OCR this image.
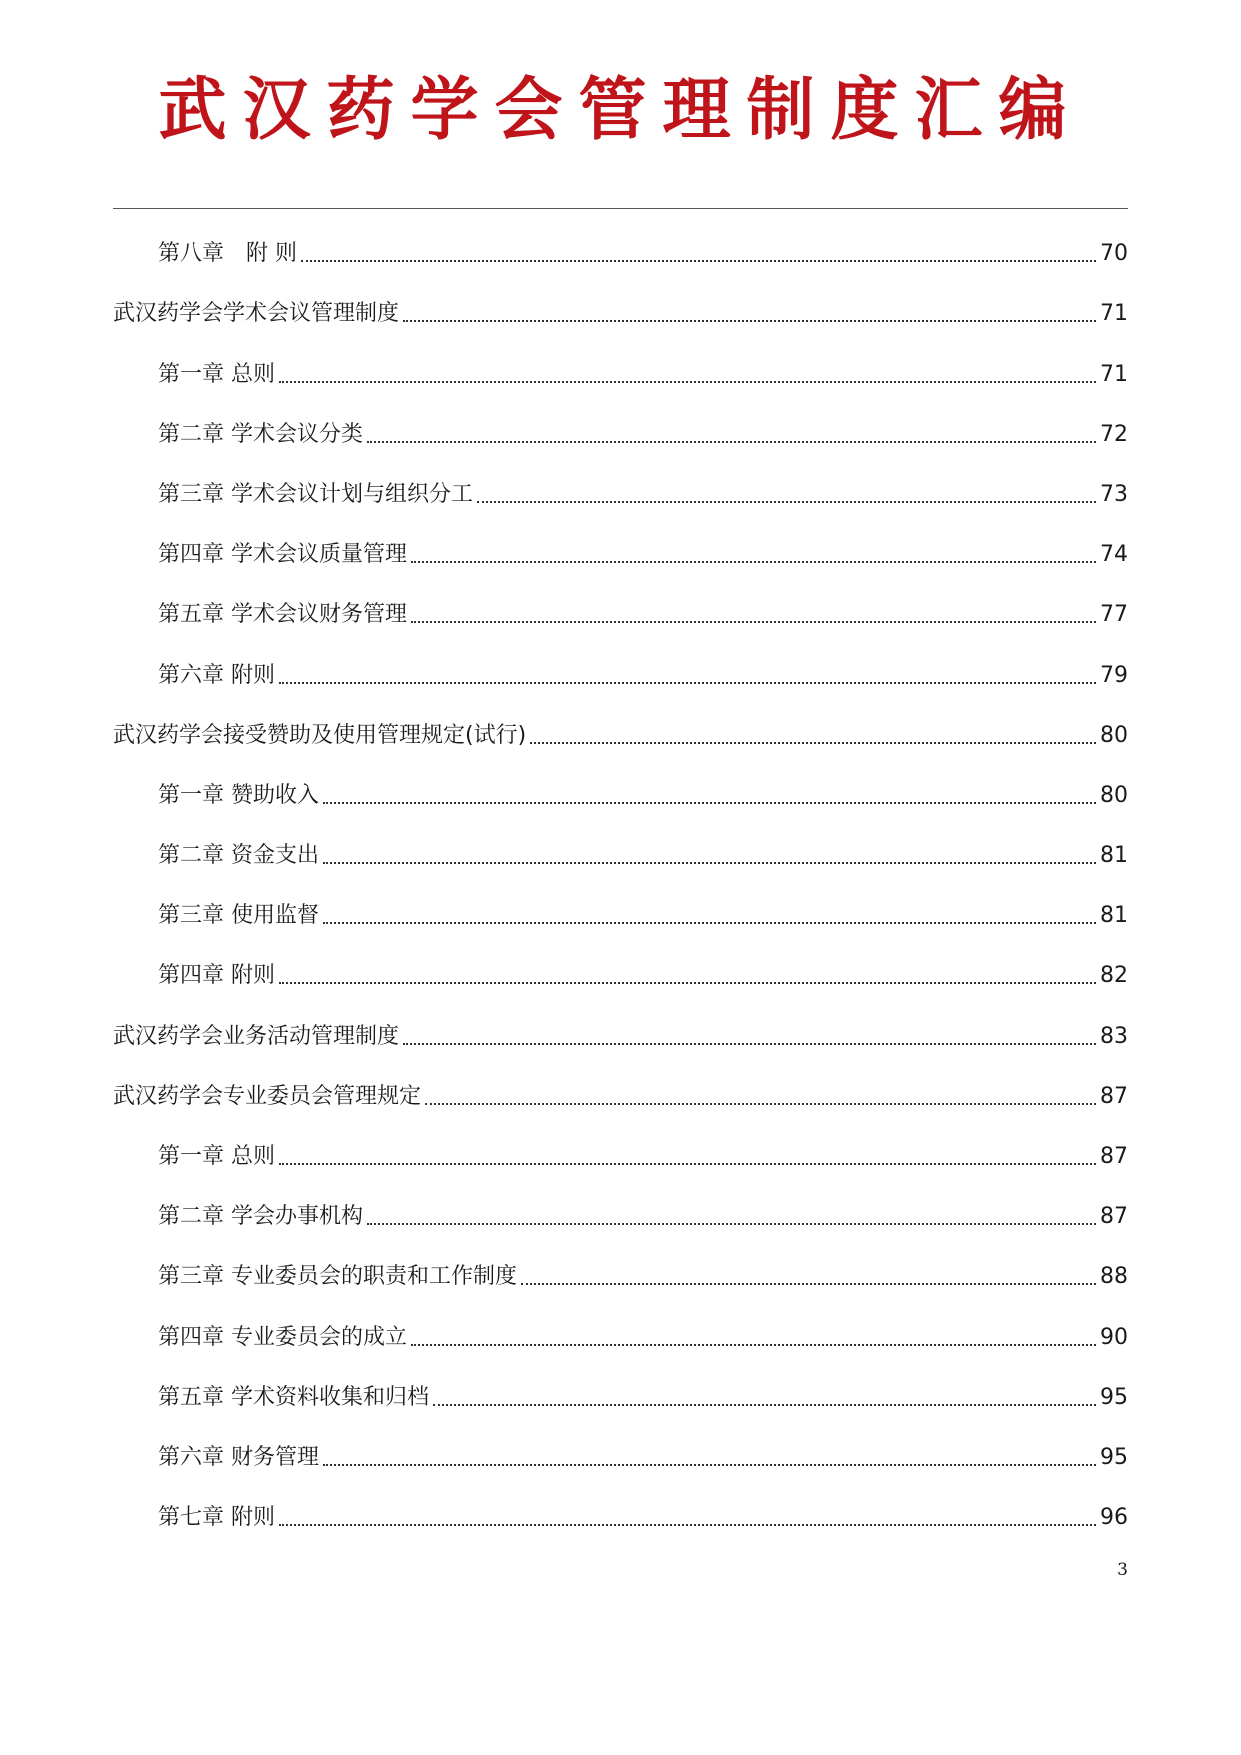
武汉药学会管理制度汇编
第八章　附 则	70
武汉药学会学术会议管理制度	71
第一章 总则	71
第二章 学术会议分类	72
第三章 学术会议计划与组织分工	73
第四章 学术会议质量管理	74
第五章 学术会议财务管理	77
第六章 附则	79
武汉药学会接受赞助及使用管理规定(试行)	80
第一章 赞助收入	80
第二章 资金支出	81
第三章 使用监督	81
第四章 附则	82
武汉药学会业务活动管理制度	83
武汉药学会专业委员会管理规定	87
第一章 总则	87
第二章 学会办事机构	87
第三章 专业委员会的职责和工作制度	88
第四章 专业委员会的成立	90
第五章 学术资料收集和归档	95
第六章 财务管理	95
第七章 附则	96
3
